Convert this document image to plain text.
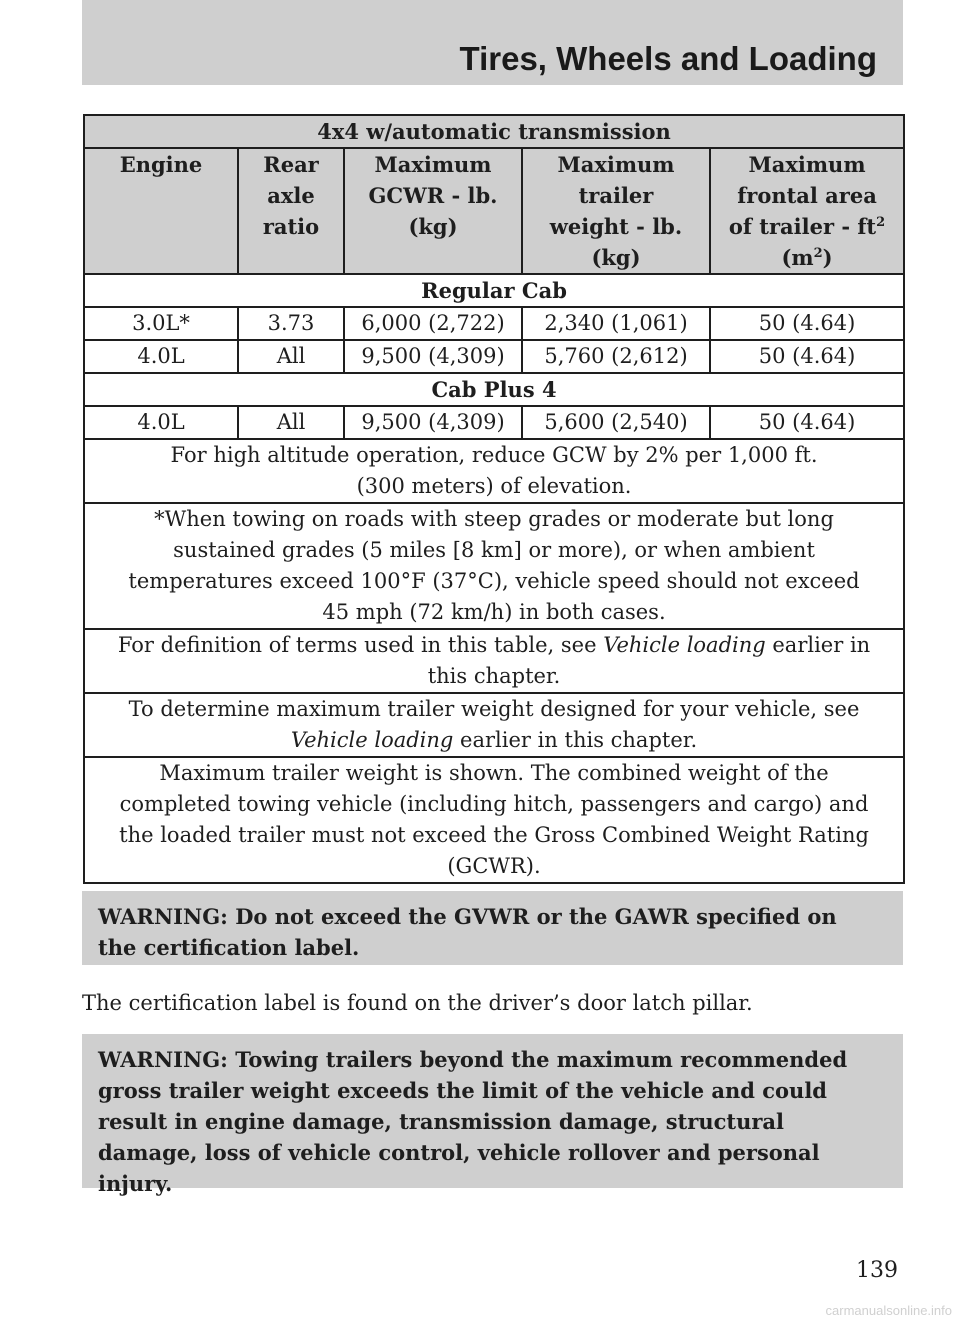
Tires, Wheels and Loading
4x4 w/automatic transmission				
Engine	Rear
axle
ratio	Maximum
GCWR - lb.
(kg)	Maximum
trailer
weight - lb.
(kg)	Maximum
frontal area
of trailer - $ft^2$
$(m^2)$
Regular Cab				
3.0L*	3.73	6,000 (2,722)	2,340 (1,061)	50 (4.64)
4.0L	All	9,500 (4,309)	5,760 (2,612)	50 (4.64)
Cab Plus 4				
4.0L	All	9,500 (4,309)	5,600 (2,540)	50 (4.64)
For high altitude operation, reduce GCW by 2% per 1,000 ft.
(300 meters) of elevation.				
*When towing on roads with steep grades or moderate but long
sustained grades (5 miles [8 km] or more), or when ambient
temperatures exceed 100°F (37°C), vehicle speed should not exceed
45 mph (72 km/h) in both cases.				
For definition of terms used in this table, see Vehicle loading earlier in
this chapter.				
To determine maximum trailer weight designed for your vehicle, see
Vehicle loading earlier in this chapter.				
Maximum trailer weight is shown. The combined weight of the
completed towing vehicle (including hitch, passengers and cargo) and
the loaded trailer must not exceed the Gross Combined Weight Rating
(GCWR).				
WARNING: Do not exceed the GVWR or the GAWR specified on
the certification label.
The certification label is found on the driver’s door latch pillar.
WARNING: Towing trailers beyond the maximum recommended
gross trailer weight exceeds the limit of the vehicle and could
result in engine damage, transmission damage, structural
damage, loss of vehicle control, vehicle rollover and personal
injury.
139
carmanualsonline.info
